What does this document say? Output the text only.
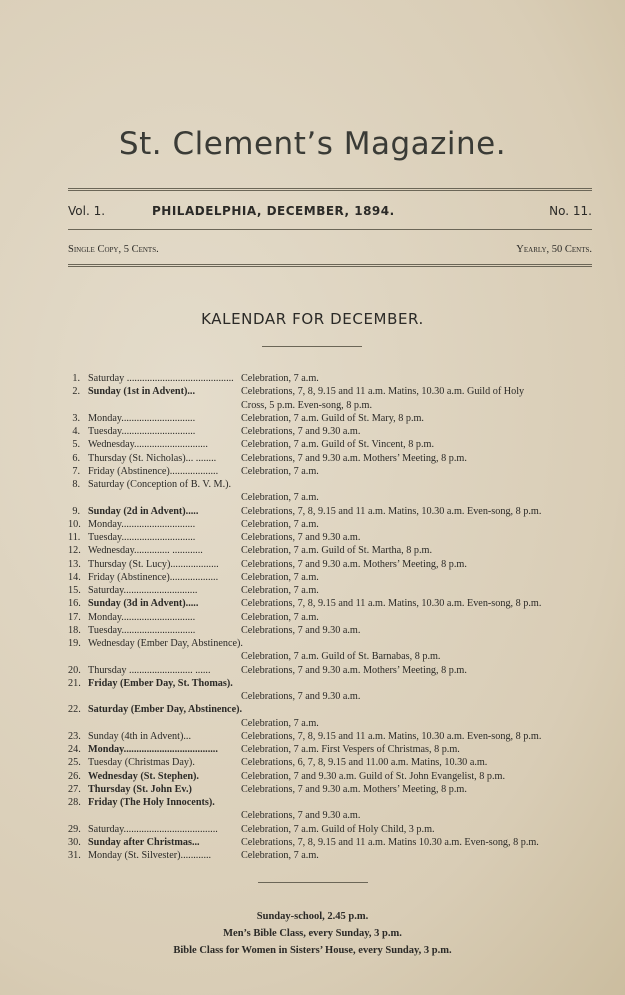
St. Clement’s Magazine.
Vol. 1.	PHILADELPHIA, DECEMBER, 1894.	No. 11.
Single Copy, 5 Cents.	Yearly, 50 Cents.
KALENDAR FOR DECEMBER.
1. Saturday .......................................... Celebration, 7 a.m.
2. Sunday (1st in Advent)...	Celebrations, 7, 8, 9.15 and 11 a.m. Matins, 10.30 a.m. Guild of Holy
Cross, 5 p.m. Even-song, 8 p.m.
3. Monday.............................	Celebration, 7 a.m. Guild of St. Mary, 8 p.m.
4. Tuesday.............................	Celebrations, 7 and 9.30 a.m.
5. Wednesday.............................	Celebration, 7 a.m. Guild of St. Vincent, 8 p.m.
6. Thursday (St. Nicholas)... ........ Celebrations, 7 and 9.30 a.m. Mothers’ Meeting, 8 p.m.
7. Friday (Abstinence)................... Celebration, 7 a.m.
8. Saturday (Conception of B. V. M.).
Celebration, 7 a.m.
9. Sunday (2d in Advent).....	Celebrations, 7, 8, 9.15 and 11 a.m. Matins, 10.30 a.m. Even-song, 8 p.m.
10. Monday.............................	Celebration, 7 a.m.
11. Tuesday.............................	Celebrations, 7 and 9.30 a.m.
12. Wednesday.............. ............	Celebration, 7 a.m. Guild of St. Martha, 8 p.m.
13. Thursday (St. Lucy)................... Celebrations, 7 and 9.30 a.m. Mothers’ Meeting, 8 p.m.
14. Friday (Abstinence)................... Celebration, 7 a.m.
15. Saturday.............................	Celebration, 7 a.m.
16. Sunday (3d in Advent).....	Celebrations, 7, 8, 9.15 and 11 a.m. Matins, 10.30 a.m. Even-song, 8 p.m.
17. Monday.............................	Celebration, 7 a.m.
18. Tuesday.............................	Celebrations, 7 and 9.30 a.m.
19. Wednesday (Ember Day, Abstinence).
Celebration, 7 a.m. Guild of St. Barnabas, 8 p.m.
20. Thursday ......................... ......	Celebrations, 7 and 9.30 a.m. Mothers’ Meeting, 8 p.m.
21. Friday (Ember Day, St. Thomas).
Celebrations, 7 and 9.30 a.m.
22. Saturday (Ember Day, Abstinence).
Celebration, 7 a.m.
23. Sunday (4th in Advent)...	Celebrations, 7, 8, 9.15 and 11 a.m. Matins, 10.30 a.m. Even-song, 8 p.m.
24. Monday..................................... Celebration, 7 a.m. First Vespers of Christmas, 8 p.m.
25. Tuesday (Christmas Day).	Celebrations, 6, 7, 8, 9.15 and 11.00 a.m. Matins, 10.30 a.m.
26. Wednesday (St. Stephen).	Celebration, 7 and 9.30 a.m. Guild of St. John Evangelist, 8 p.m.
27. Thursday (St. John Ev.)	Celebrations, 7 and 9.30 a.m. Mothers’ Meeting, 8 p.m.
28. Friday (The Holy Innocents).
Celebrations, 7 and 9.30 a.m.
29. Saturday..................................... Celebration, 7 a.m. Guild of Holy Child, 3 p.m.
30. Sunday after Christmas...	Celebrations, 7, 8, 9.15 and 11 a.m. Matins 10.30 a.m. Even-song, 8 p.m.
31. Monday (St. Silvester)............	Celebration, 7 a.m.
Sunday-school, 2.45 p.m.
Men’s Bible Class, every Sunday, 3 p.m.
Bible Class for Women in Sisters’ House, every Sunday, 3 p.m.
